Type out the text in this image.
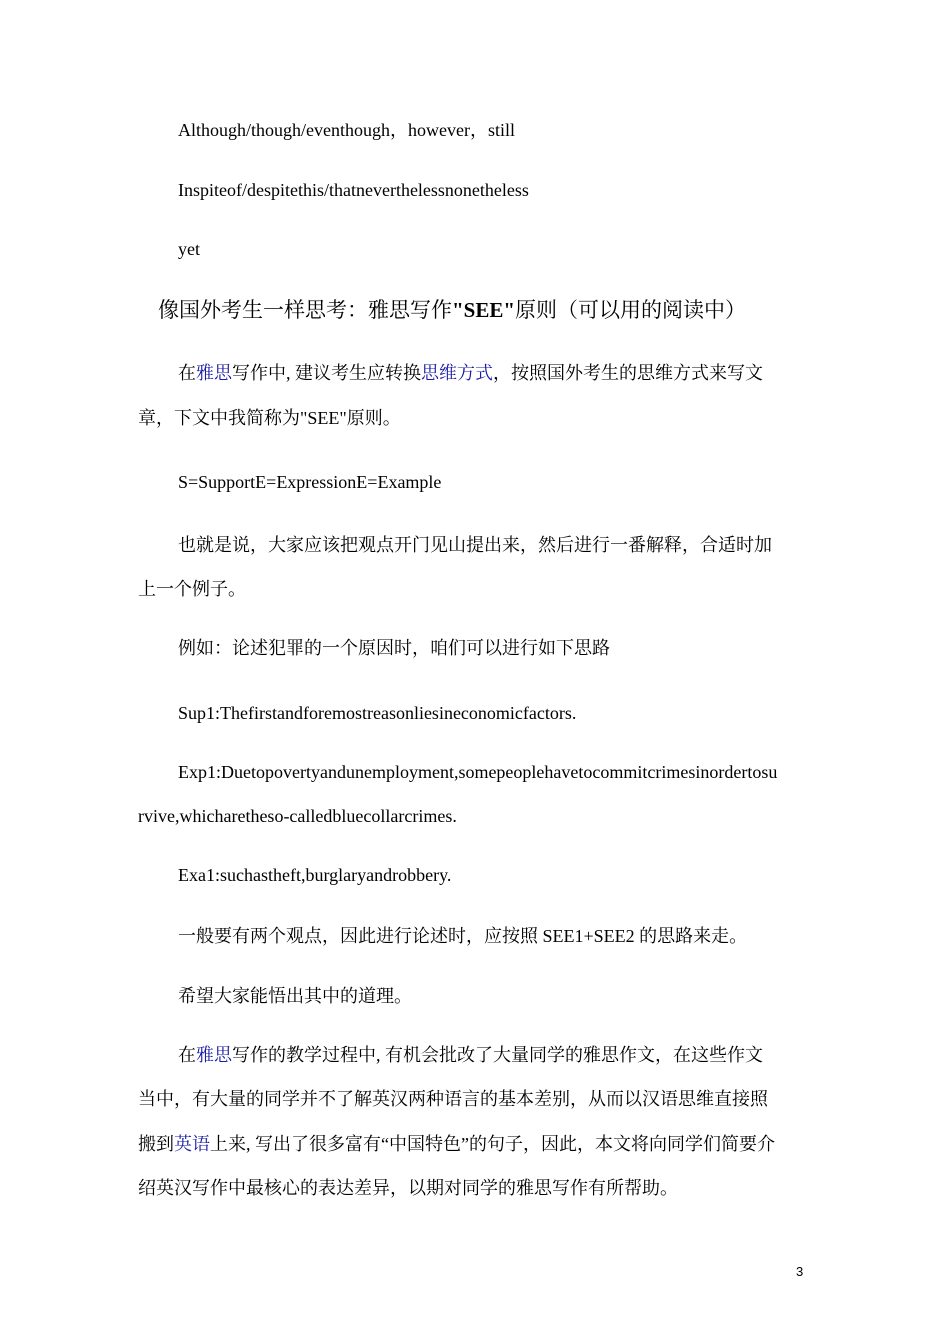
Although/though/eventhough，however，still
Inspiteof/despitethis/thatneverthelessnonetheless
yet
像国外考生一样思考：雅思写作"SEE"原则（可以用的阅读中）
在雅思写作中, 建议考生应转换思维方式，按照国外考生的思维方式来写文
章，下文中我简称为"SEE"原则。
S=SupportE=ExpressionE=Example
也就是说，大家应该把观点开门见山提出来，然后进行一番解释，合适时加
上一个例子。
例如：论述犯罪的一个原因时，咱们可以进行如下思路
Sup1:Thefirstandforemostreasonliesineconomicfactors.
Exp1:Duetopovertyandunemployment,somepeoplehavetocommitcrimesinordertosu
rvive,whicharetheso-calledbluecollarcrimes.
Exa1:suchastheft,burglaryandrobbery.
一般要有两个观点，因此进行论述时，应按照 SEE1+SEE2 的思路来走。
希望大家能悟出其中的道理。
在雅思写作的教学过程中, 有机会批改了大量同学的雅思作文，在这些作文
当中，有大量的同学并不了解英汉两种语言的基本差别，从而以汉语思维直接照
搬到英语上来, 写出了很多富有“中国特色”的句子，因此，本文将向同学们简要介
绍英汉写作中最核心的表达差异，以期对同学的雅思写作有所帮助。
3
